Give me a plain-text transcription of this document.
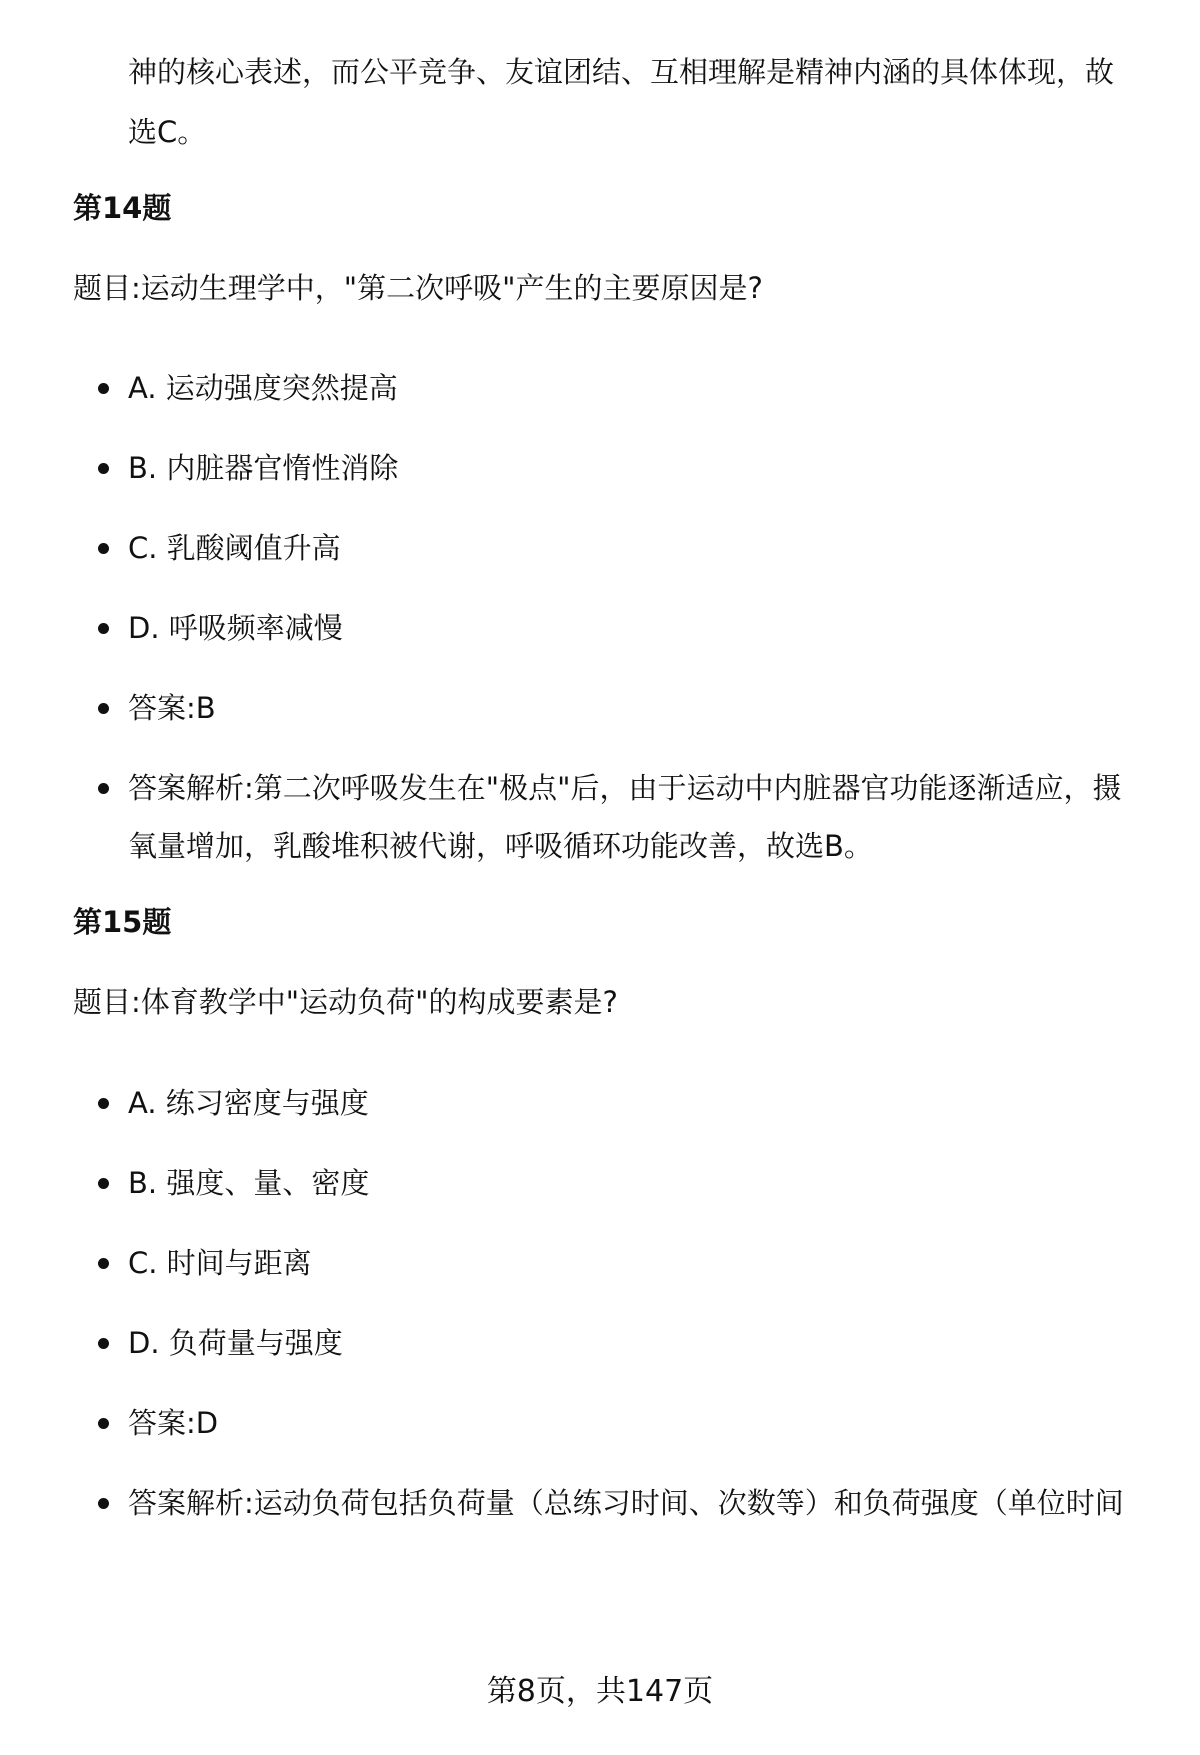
神的核心表述，而公平竞争、友谊团结、互相理解是精神内涵的具体体现，故
选C。
第14题
题目:运动生理学中，"第二次呼吸"产生的主要原因是?
A. 运动强度突然提高
B. 内脏器官惰性消除
C. 乳酸阈值升高
D. 呼吸频率减慢
答案:B
答案解析:第二次呼吸发生在"极点"后，由于运动中内脏器官功能逐渐适应，摄
氧量增加，乳酸堆积被代谢，呼吸循环功能改善，故选B。
第15题
题目:体育教学中"运动负荷"的构成要素是?
A. 练习密度与强度
B. 强度、量、密度
C. 时间与距离
D. 负荷量与强度
答案:D
答案解析:运动负荷包括负荷量（总练习时间、次数等）和负荷强度（单位时间
第8页，共147页
